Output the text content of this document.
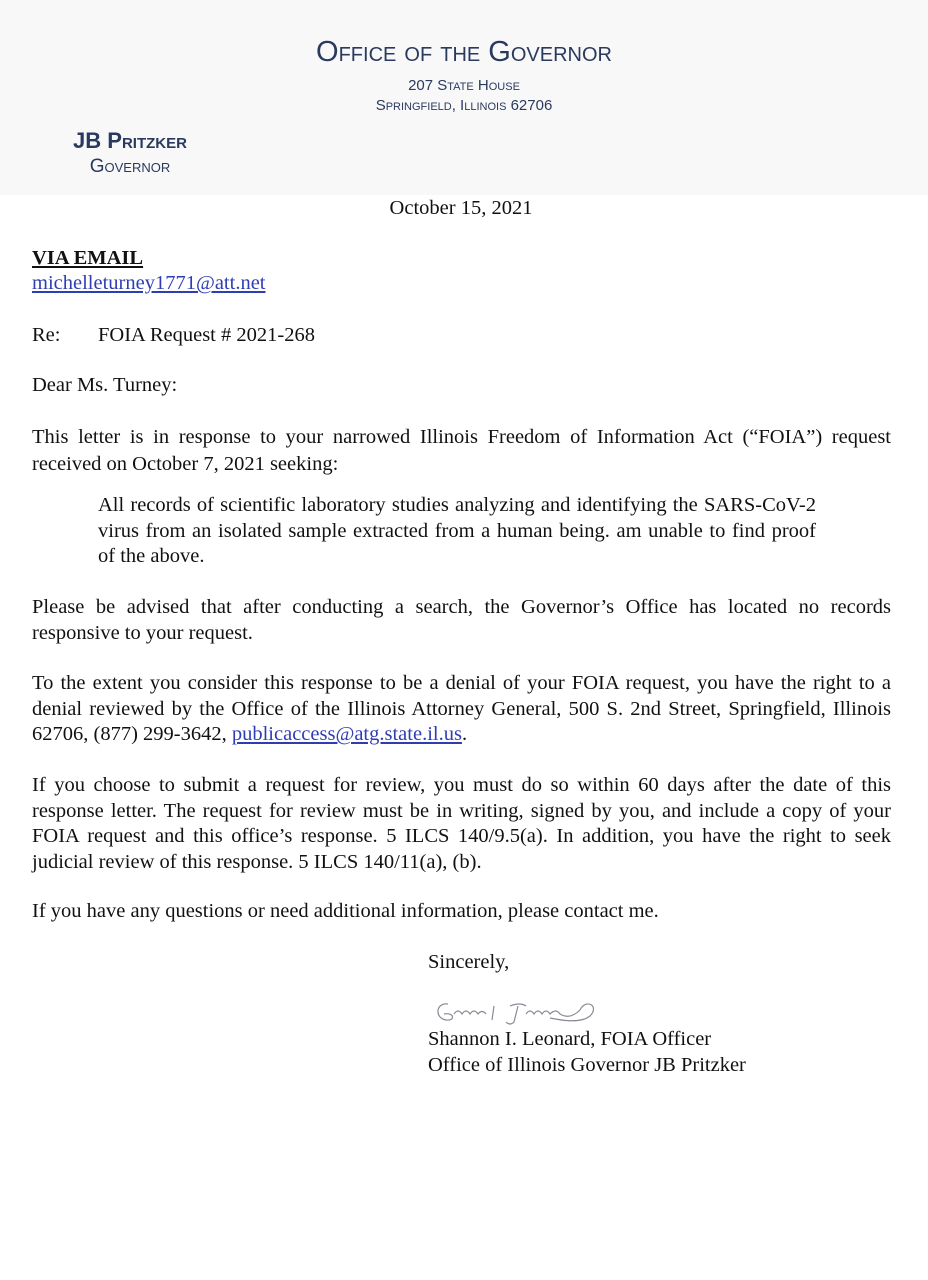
Office of the Governor
207 State House
Springfield, Illinois 62706
JB Pritzker
Governor
October 15, 2021
VIA EMAIL
michelleturney1771@att.net
Re: FOIA Request # 2021-268
Dear Ms. Turney:
This letter is in response to your narrowed Illinois Freedom of Information Act (“FOIA”) request received on October 7, 2021 seeking:
All records of scientific laboratory studies analyzing and identifying the SARS-CoV-2 virus from an isolated sample extracted from a human being. am unable to find proof of the above.
Please be advised that after conducting a search, the Governor’s Office has located no records responsive to your request.
To the extent you consider this response to be a denial of your FOIA request, you have the right to a denial reviewed by the Office of the Illinois Attorney General, 500 S. 2nd Street, Springfield, Illinois 62706, (877) 299-3642, publicaccess@atg.state.il.us.
If you choose to submit a request for review, you must do so within 60 days after the date of this response letter. The request for review must be in writing, signed by you, and include a copy of your FOIA request and this office’s response. 5 ILCS 140/9.5(a). In addition, you have the right to seek judicial review of this response. 5 ILCS 140/11(a), (b).
If you have any questions or need additional information, please contact me.
Sincerely,
Shannon I. Leonard, FOIA Officer
Office of Illinois Governor JB Pritzker
